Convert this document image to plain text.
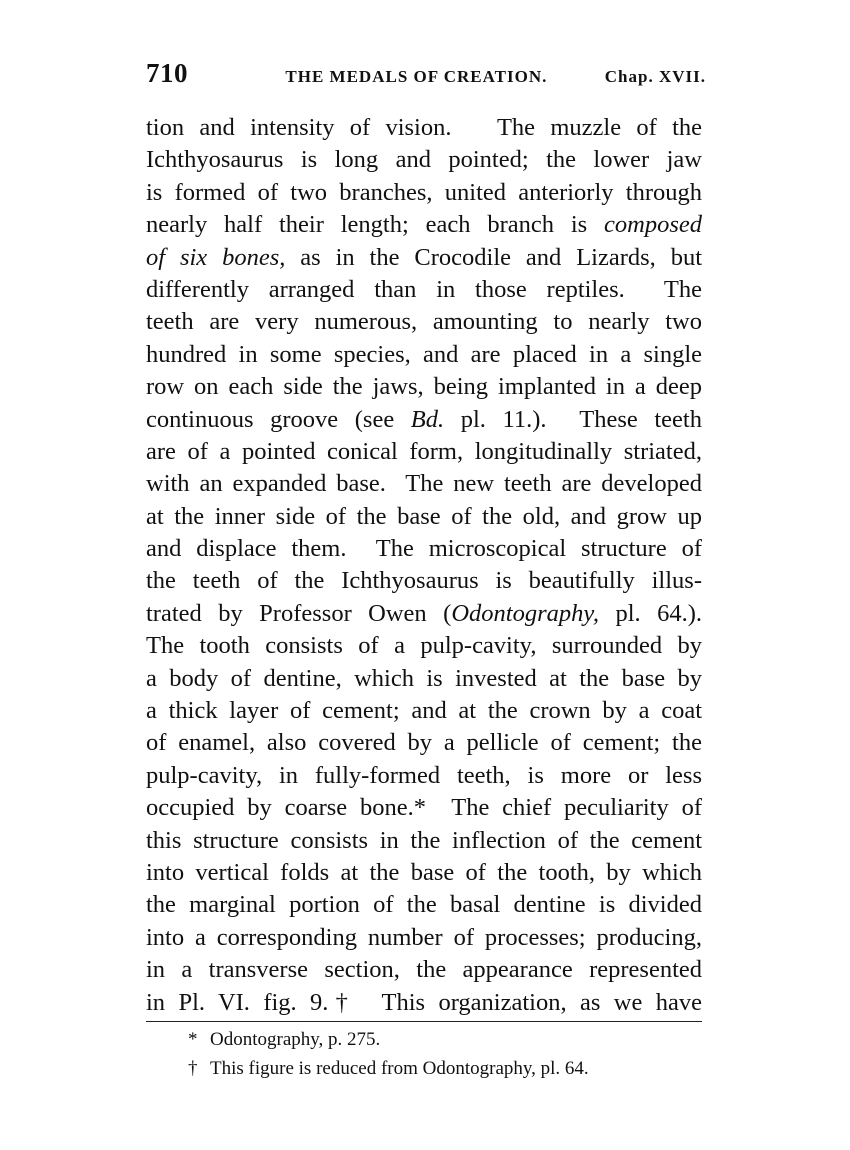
710	THE MEDALS OF CREATION.	Chap. XVII.
tion and intensity of vision.   The muzzle of the
Ichthyosaurus is long and pointed; the lower jaw
is formed of two branches, united anteriorly through
nearly half their length; each branch is composed
of six bones, as in the Crocodile and Lizards, but
differently arranged than in those reptiles.  The
teeth are very numerous, amounting to nearly two
hundred in some species, and are placed in a single
row on each side the jaws, being implanted in a deep
continuous groove (see Bd. pl. 11.).  These teeth
are of a pointed conical form, longitudinally striated,
with an expanded base.  The new teeth are developed
at the inner side of the base of the old, and grow up
and displace them.  The microscopical structure of
the teeth of the Ichthyosaurus is beautifully illus-
trated by Professor Owen (Odontography, pl. 64.).
The tooth consists of a pulp-cavity, surrounded by
a body of dentine, which is invested at the base by
a thick layer of cement; and at the crown by a coat
of enamel, also covered by a pellicle of cement; the
pulp-cavity, in fully-formed teeth, is more or less
occupied by coarse bone.*  The chief peculiarity of
this structure consists in the inflection of the cement
into vertical folds at the base of the tooth, by which
the marginal portion of the basal dentine is divided
into a corresponding number of processes; producing,
in a transverse section, the appearance represented
in Pl. VI. fig. 9.†  This organization, as we have
* Odontography, p. 275.
† This figure is reduced from Odontography, pl. 64.
